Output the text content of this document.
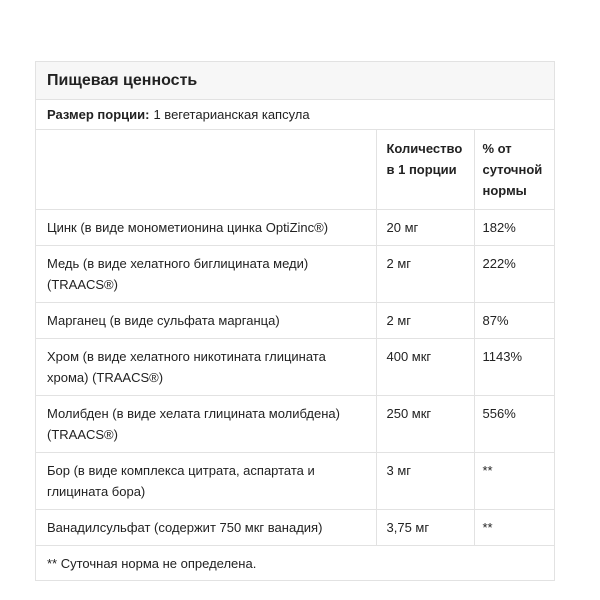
Пищевая ценность
Размер порции: 1 вегетарианская капсула
	Количество в 1 порции	% от суточной нормы
Цинк (в виде монометионина цинка OptiZinc®)	20 мг	182%
Медь (в виде хелатного биглицината меди) (TRAACS®)	2 мг	222%
Марганец (в виде сульфата марганца)	2 мг	87%
Хром (в виде хелатного никотината глицината хрома) (TRAACS®)	400 мкг	1143%
Молибден (в виде хелата глицината молибдена) (TRAACS®)	250 мкг	556%
Бор (в виде комплекса цитрата, аспартата и глицината бора)	3 мг	**
Ванадилсульфат (содержит 750 мкг ванадия)	3,75 мг	**
** Суточная норма не определена.
